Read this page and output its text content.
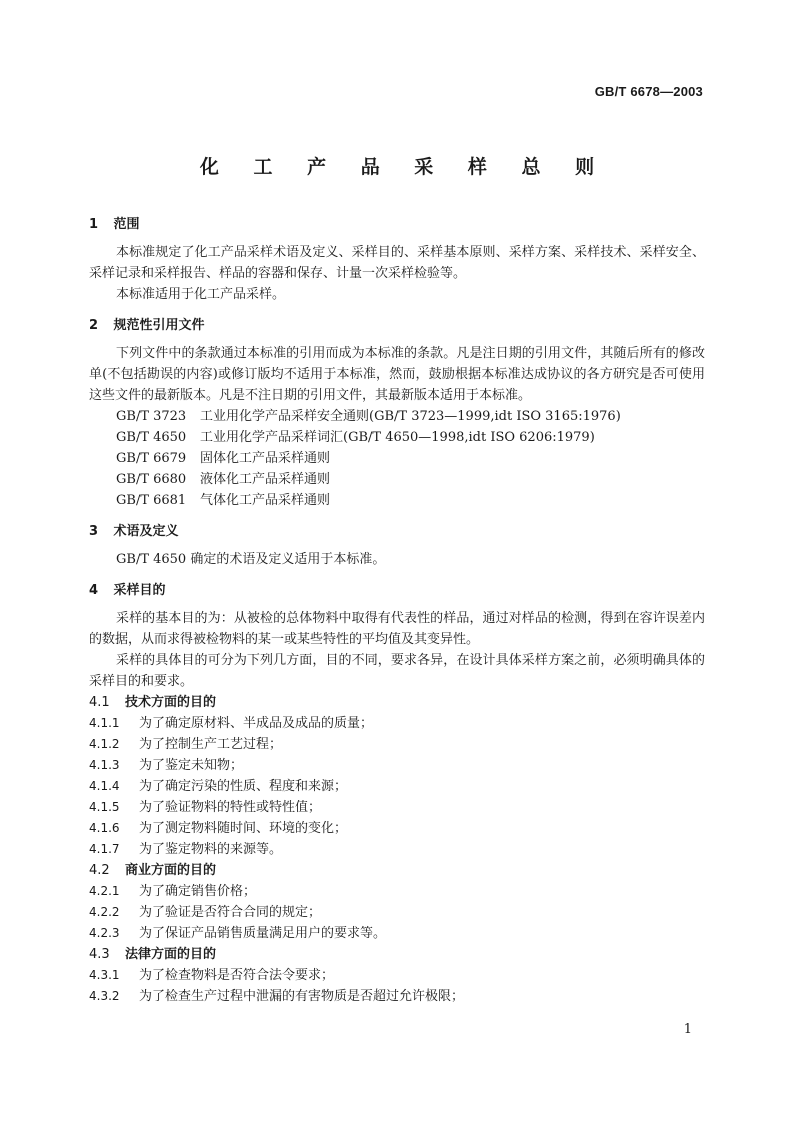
GB/T 6678—2003
化 工 产 品 采 样 总 则

1 范围

本标准规定了化工产品采样术语及定义、采样目的、采样基本原则、采样方案、采样技术、采样安全、采样记录和采样报告、样品的容器和保存、计量一次采样检验等。

本标准适用于化工产品采样。

2 规范性引用文件

下列文件中的条款通过本标准的引用而成为本标准的条款。凡是注日期的引用文件，其随后所有的修改单(不包括勘误的内容)或修订版均不适用于本标准，然而，鼓励根据本标准达成协议的各方研究是否可使用这些文件的最新版本。凡是不注日期的引用文件，其最新版本适用于本标准。

GB/T 3723 工业用化学产品采样安全通则(GB/T 3723—1999,idt ISO 3165:1976)

GB/T 4650 工业用化学产品采样词汇(GB/T 4650—1998,idt ISO 6206:1979)

GB/T 6679 固体化工产品采样通则

GB/T 6680 液体化工产品采样通则

GB/T 6681 气体化工产品采样通则

3 术语及定义

GB/T 4650 确定的术语及定义适用于本标准。

4 采样目的

采样的基本目的为：从被检的总体物料中取得有代表性的样品，通过对样品的检测，得到在容许误差内的数据，从而求得被检物料的某一或某些特性的平均值及其变异性。

采样的具体目的可分为下列几方面，目的不同，要求各异，在设计具体采样方案之前，必须明确具体的采样目的和要求。

4.1 技术方面的目的

4.1.1 为了确定原材料、半成品及成品的质量；

4.1.2 为了控制生产工艺过程；

4.1.3 为了鉴定未知物；

4.1.4 为了确定污染的性质、程度和来源；

4.1.5 为了验证物料的特性或特性值；

4.1.6 为了测定物料随时间、环境的变化；

4.1.7 为了鉴定物料的来源等。

4.2 商业方面的目的

4.2.1 为了确定销售价格；

4.2.2 为了验证是否符合合同的规定；

4.2.3 为了保证产品销售质量满足用户的要求等。

4.3 法律方面的目的

4.3.1 为了检查物料是否符合法令要求；

4.3.2 为了检查生产过程中泄漏的有害物质是否超过允许极限；

1
